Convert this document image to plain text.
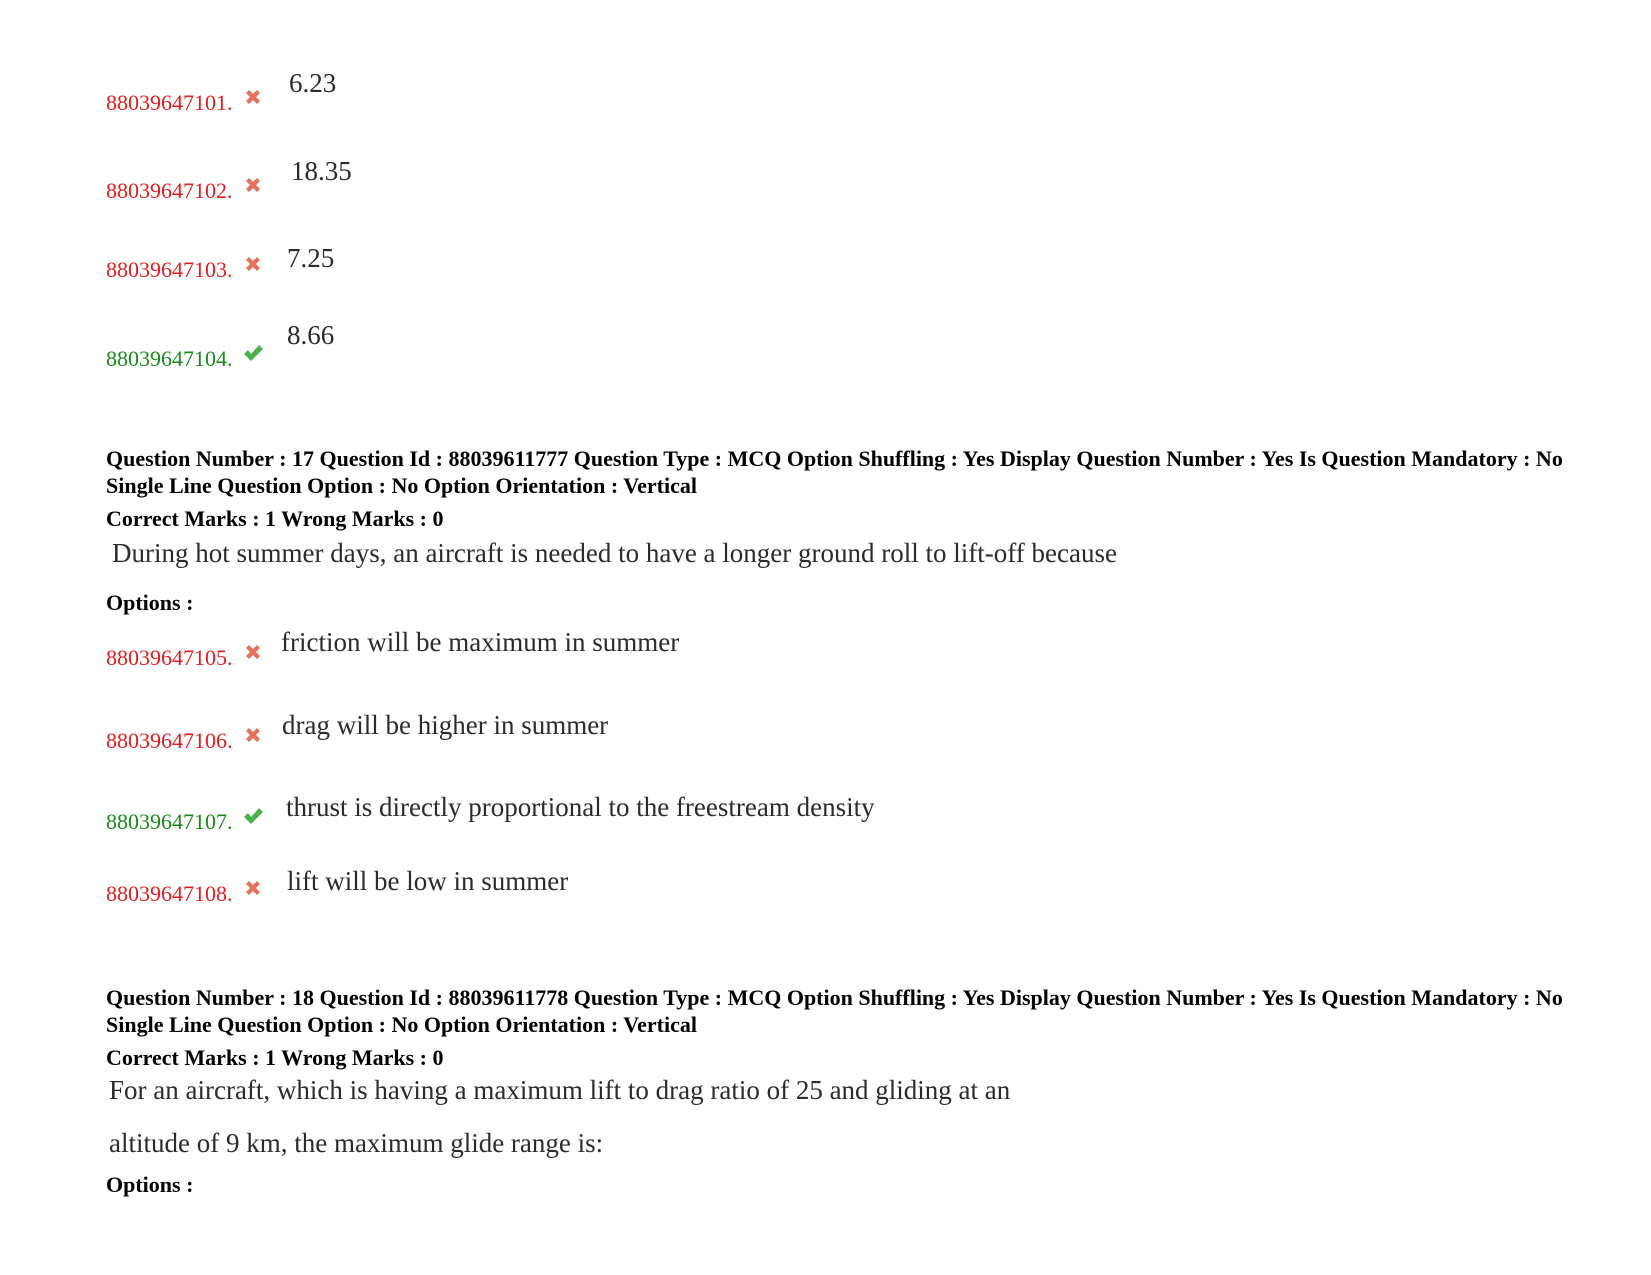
88039647101.
6.23
88039647102.
18.35
88039647103. 7.25
88039647104.
8.66
Question Number : 17 Question Id : 88039611777 Question Type : MCQ Option Shuffling : Yes Display Question Number : Yes Is Question Mandatory : No Single Line Question Option : No Option Orientation : Vertical
Correct Marks : 1 Wrong Marks : 0
During hot summer days, an aircraft is needed to have a longer ground roll to lift-off because
Options :
88039647105.
friction will be maximum in summer
88039647106.
drag will be higher in summer
88039647107. thrust is directly proportional to the freestream density
88039647108. lift will be low in summer
Question Number : 18 Question Id : 88039611778 Question Type : MCQ Option Shuffling : Yes Display Question Number : Yes Is Question Mandatory : No Single Line Question Option : No Option Orientation : Vertical
Correct Marks : 1 Wrong Marks : 0
For an aircraft, which is having a maximum lift to drag ratio of 25 and gliding at an
altitude of 9 km, the maximum glide range is:
Options :
